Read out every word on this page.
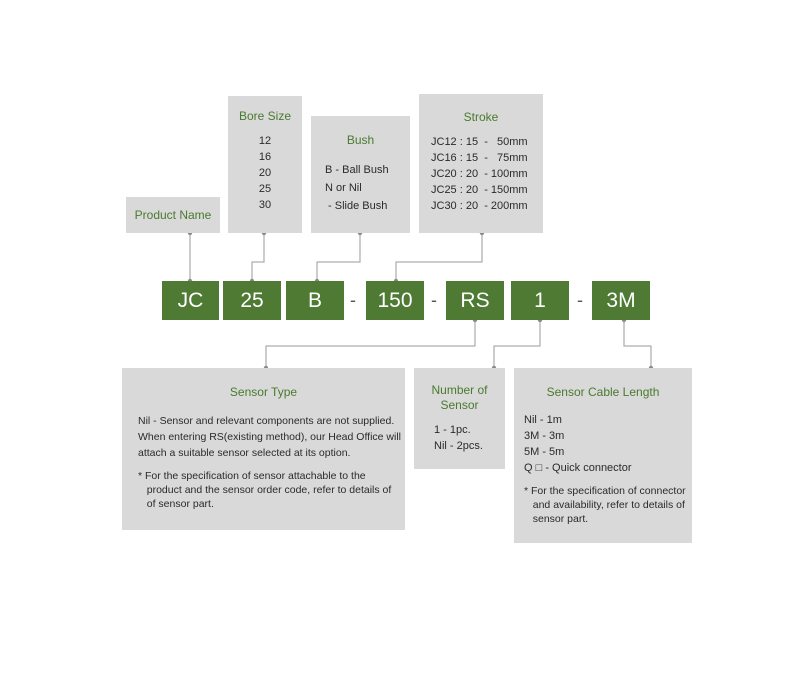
Product Name
Bore Size
12
16
20
25
30
Bush
B - Ball Bush
N or Nil
- Slide Bush
Stroke
JC12 : 15  -   50mm
JC16 : 15  -   75mm
JC20 : 20  - 100mm
JC25 : 20  - 150mm
JC30 : 20  - 200mm
JC	25	B	-	150	-	RS	1	-	3M
Sensor Type
Nil - Sensor and relevant components are not supplied.
When entering RS(existing method), our Head Office will
attach a suitable sensor selected at its option.
* For the specification of sensor attachable to the
product and the sensor order code, refer to details of
of sensor part.
Number of
Sensor
1 - 1pc.
Nil - 2pcs.
Sensor Cable Length
Nil - 1m
3M - 3m
5M - 5m
Q □ - Quick connector
* For the specification of connector
and availability, refer to details of
sensor part.
